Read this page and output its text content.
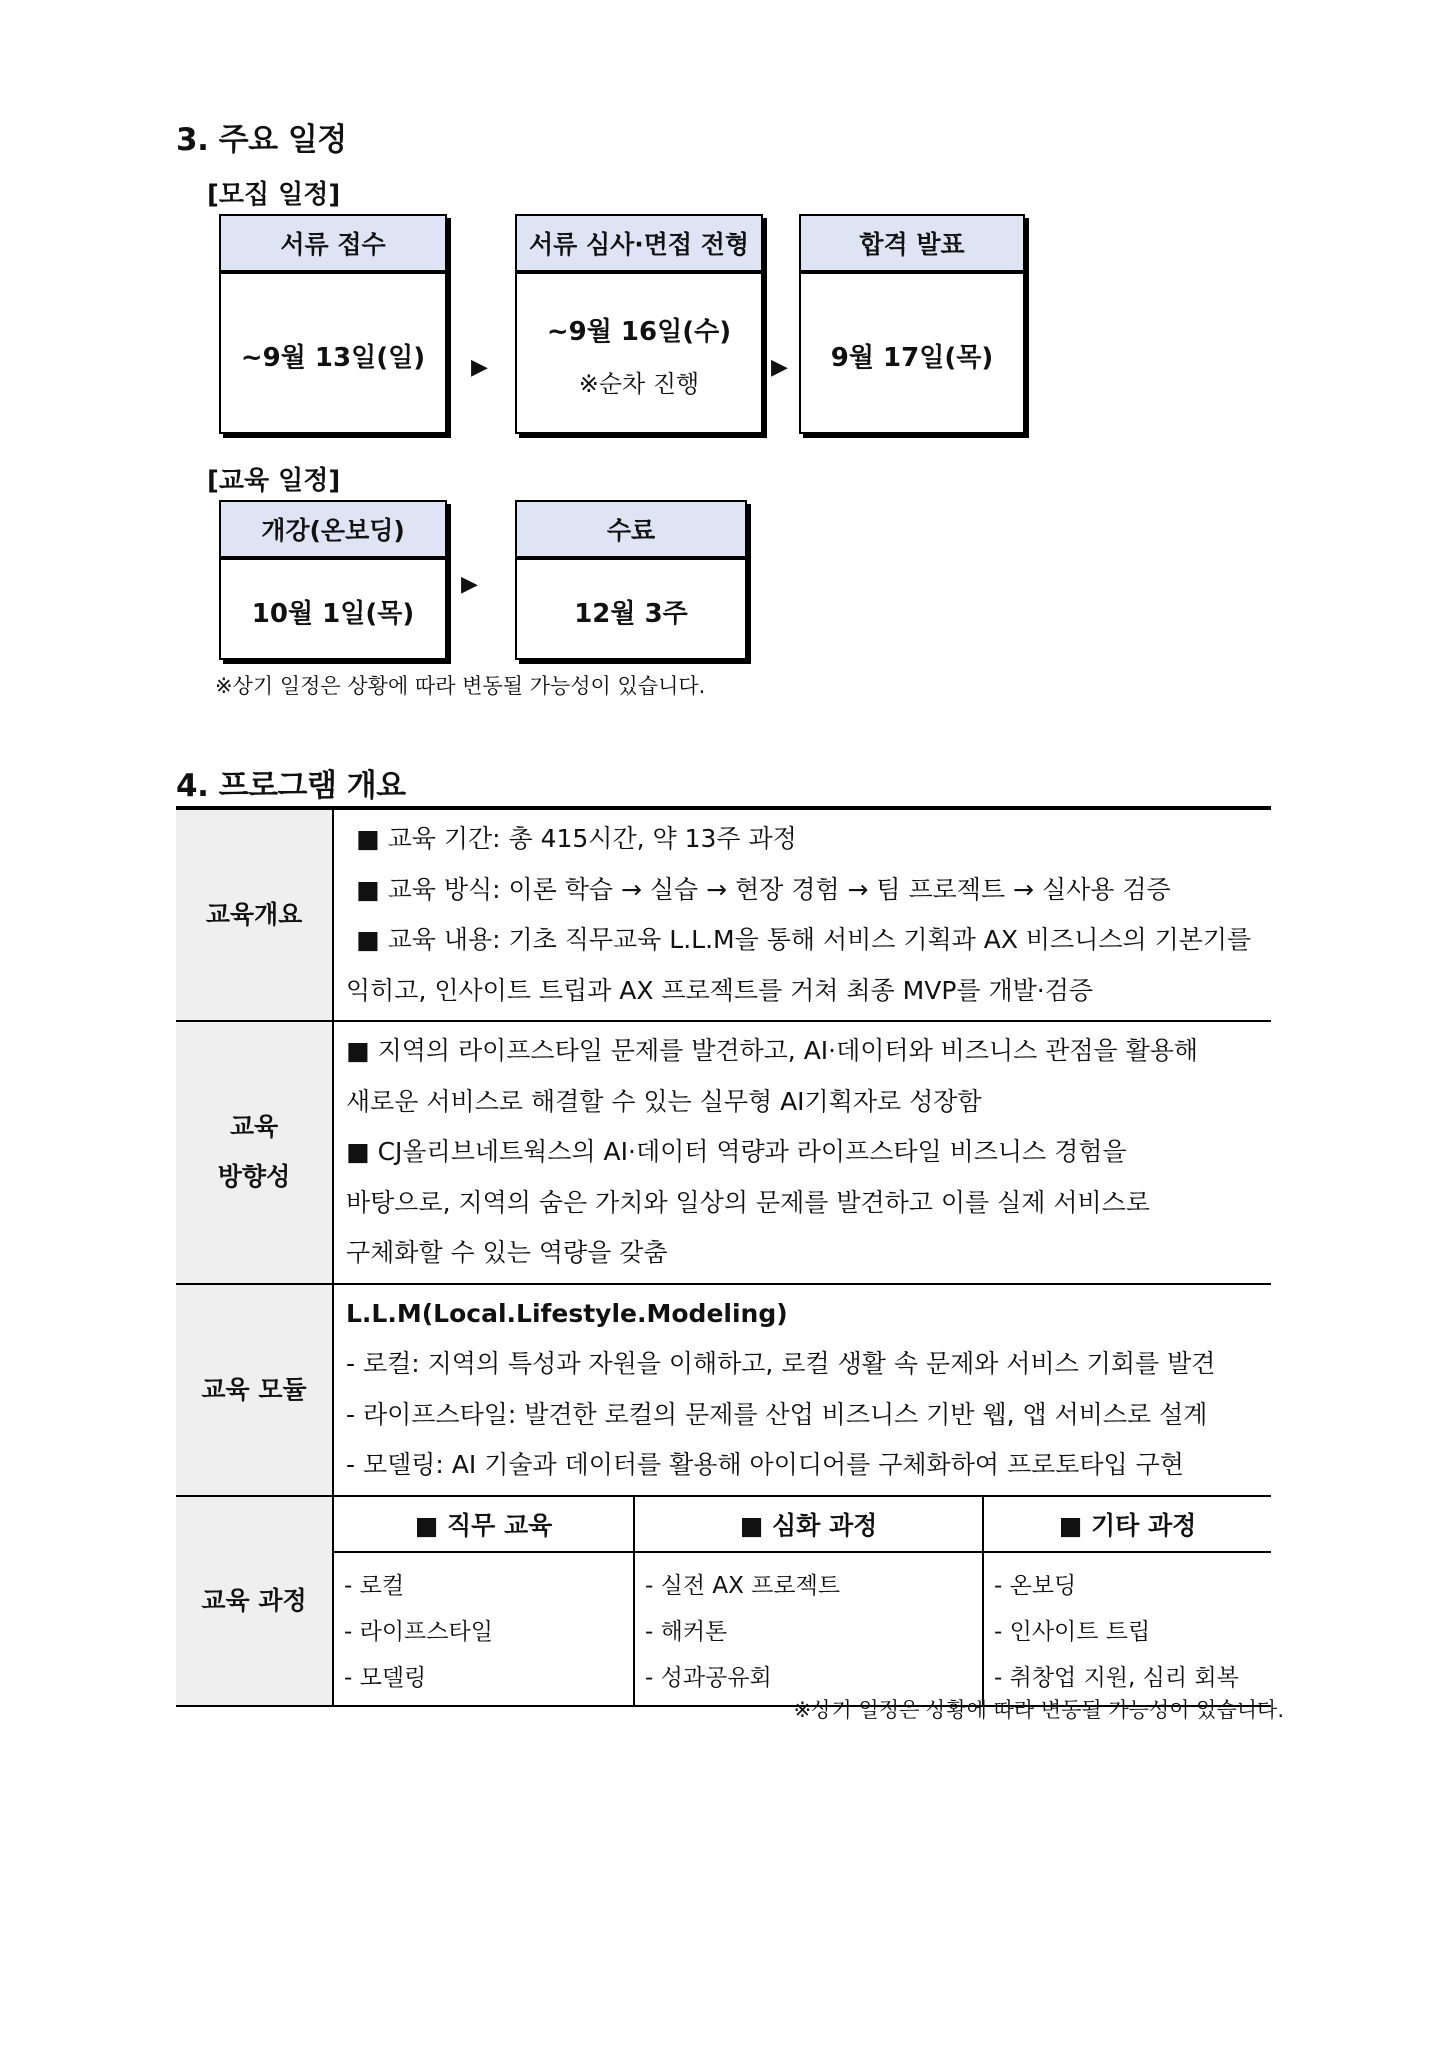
3. 주요 일정
[모집 일정]
서류 접수
~9월 13일(일) ▶
서류 심사·면접 전형
~9월 16일(수)
※순차 진행
▶
합격 발표
9월 17일(목)
[교육 일정]
개강(온보딩)
10월 1일(목)
▶
수료
12월 3주
※상기 일정은 상황에 따라 변동될 가능성이 있습니다.
4. 프로그램 개요
교육개요	
■ 교육 기간: 총 415시간, 약 13주 과정
■ 교육 방식: 이론 학습 → 실습 → 현장 경험 → 팀 프로젝트 → 실사용 검증
■ 교육 내용: 기초 직무교육 L.L.M을 통해 서비스 기획과 AX 비즈니스의 기본기를
익히고, 인사이트 트립과 AX 프로젝트를 거쳐 최종 MVP를 개발·검증

교육
방향성

■ 지역의 라이프스타일 문제를 발견하고, AI·데이터와 비즈니스 관점을 활용해
새로운 서비스로 해결할 수 있는 실무형 AI기획자로 성장함
■ CJ올리브네트웍스의 AI·데이터 역량과 라이프스타일 비즈니스 경험을
바탕으로, 지역의 숨은 가치와 일상의 문제를 발견하고 이를 실제 서비스로
구체화할 수 있는 역량을 갖춤

교육 모듈	
L.L.M(Local.Lifestyle.Modeling)
- 로컬: 지역의 특성과 자원을 이해하고, 로컬 생활 속 문제와 서비스 기회를 발견
- 라이프스타일: 발견한 로컬의 문제를 산업 비즈니스 기반 웹, 앱 서비스로 설계
- 모델링: AI 기술과 데이터를 활용해 아이디어를 구체화하여 프로토타입 구현

교육 과정	
■ 직무 교육	■ 심화 과정	■ 기타 과정

- 로컬
- 라이프스타일
- 모델링

- 실전 AX 프로젝트
- 해커톤
- 성과공유회

- 온보딩
- 인사이트 트립
- 취창업 지원, 심리 회복
※상기 일정은 상황에 따라 변동될 가능성이 있습니다.
